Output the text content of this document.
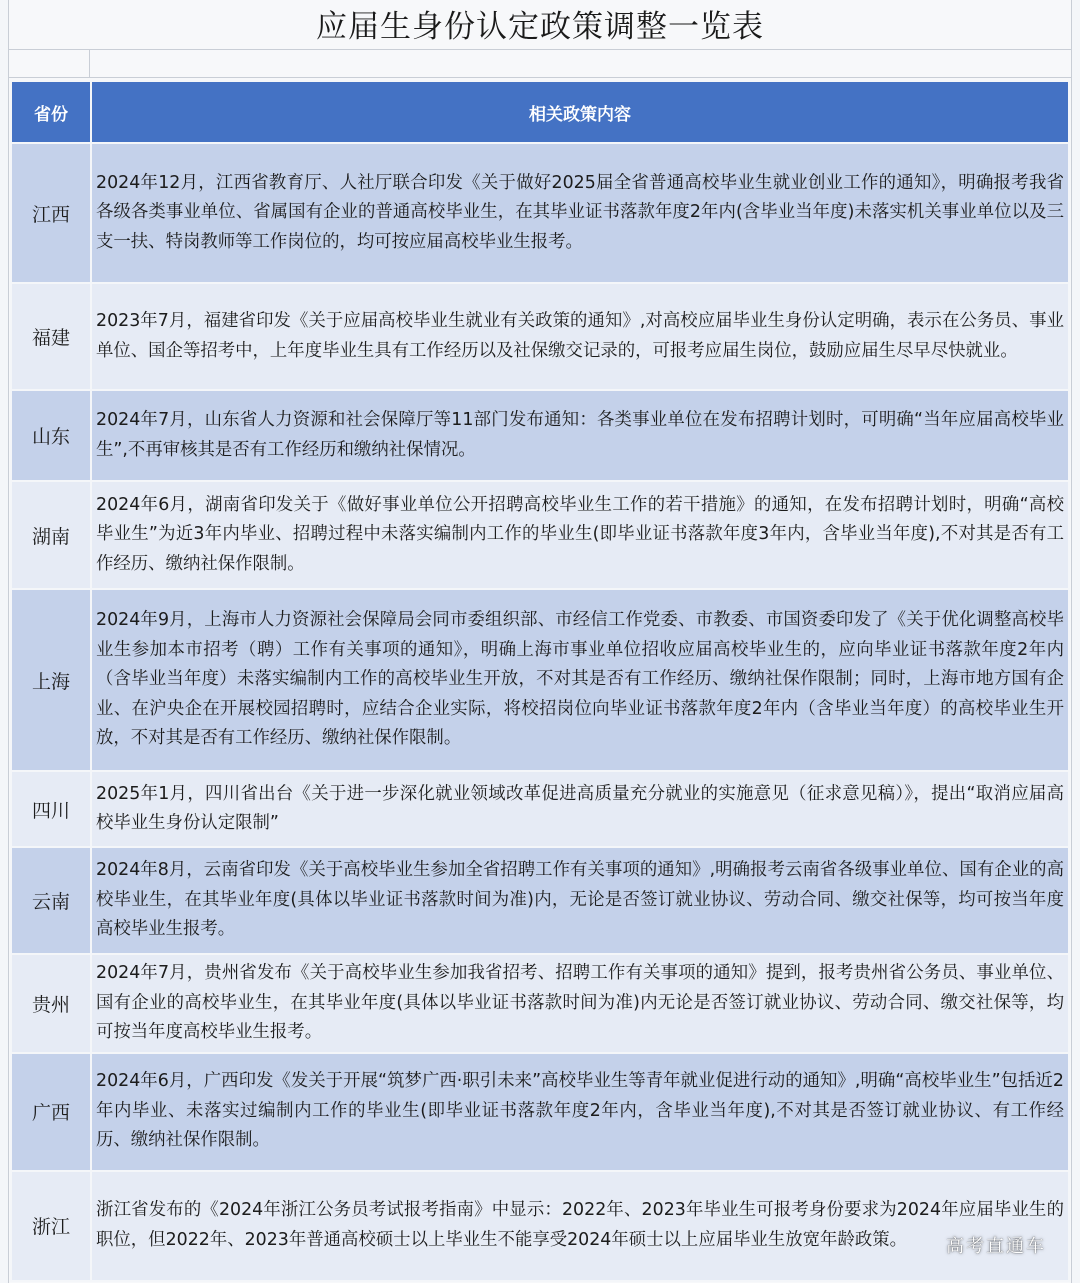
应届生身份认定政策调整一览表
省份	相关政策内容
江西	2024年12月，江西省教育厅、人社厅联合印发《关于做好2025届全省普通高校毕业生就业创业工作的通知》，明确报考我省各级各类事业单位、省属国有企业的普通高校毕业生，在其毕业证书落款年度2年内(含毕业当年度)未落实机关事业单位以及三支一扶、特岗教师等工作岗位的，均可按应届高校毕业生报考。
福建	2023年7月，福建省印发《关于应届高校毕业生就业有关政策的通知》,对高校应届毕业生身份认定明确，表示在公务员、事业单位、国企等招考中，上年度毕业生具有工作经历以及社保缴交记录的，可报考应届生岗位，鼓励应届生尽早尽快就业。
山东	2024年7月，山东省人力资源和社会保障厅等11部门发布通知：各类事业单位在发布招聘计划时，可明确“当年应届高校毕业生”,不再审核其是否有工作经历和缴纳社保情况。
湖南	2024年6月，湖南省印发关于《做好事业单位公开招聘高校毕业生工作的若干措施》的通知，在发布招聘计划时，明确“高校毕业生”为近3年内毕业、招聘过程中未落实编制内工作的毕业生(即毕业证书落款年度3年内，含毕业当年度),不对其是否有工作经历、缴纳社保作限制。
上海	2024年9月，上海市人力资源社会保障局会同市委组织部、市经信工作党委、市教委、市国资委印发了《关于优化调整高校毕业生参加本市招考（聘）工作有关事项的通知》，明确上海市事业单位招收应届高校毕业生的，应向毕业证书落款年度2年内（含毕业当年度）未落实编制内工作的高校毕业生开放，不对其是否有工作经历、缴纳社保作限制；同时，上海市地方国有企业、在沪央企在开展校园招聘时，应结合企业实际，将校招岗位向毕业证书落款年度2年内（含毕业当年度）的高校毕业生开放，不对其是否有工作经历、缴纳社保作限制。
四川	2025年1月，四川省出台《关于进一步深化就业领域改革促进高质量充分就业的实施意见（征求意见稿）》，提出“取消应届高校毕业生身份认定限制”
云南	2024年8月，云南省印发《关于高校毕业生参加全省招聘工作有关事项的通知》,明确报考云南省各级事业单位、国有企业的高校毕业生，在其毕业年度(具体以毕业证书落款时间为准)内，无论是否签订就业协议、劳动合同、缴交社保等，均可按当年度高校毕业生报考。
贵州	2024年7月，贵州省发布《关于高校毕业生参加我省招考、招聘工作有关事项的通知》提到，报考贵州省公务员、事业单位、国有企业的高校毕业生，在其毕业年度(具体以毕业证书落款时间为准)内无论是否签订就业协议、劳动合同、缴交社保等，均可按当年度高校毕业生报考。
广西	2024年6月，广西印发《发关于开展“筑梦广西·职引未来”高校毕业生等青年就业促进行动的通知》,明确“高校毕业生”包括近2年内毕业、未落实过编制内工作的毕业生(即毕业证书落款年度2年内，含毕业当年度),不对其是否签订就业协议、有工作经历、缴纳社保作限制。
浙江	浙江省发布的《2024年浙江公务员考试报考指南》中显示：2022年、2023年毕业生可报考身份要求为2024年应届毕业生的职位，但2022年、2023年普通高校硕士以上毕业生不能享受2024年硕士以上应届毕业生放宽年龄政策。 高考直通车
